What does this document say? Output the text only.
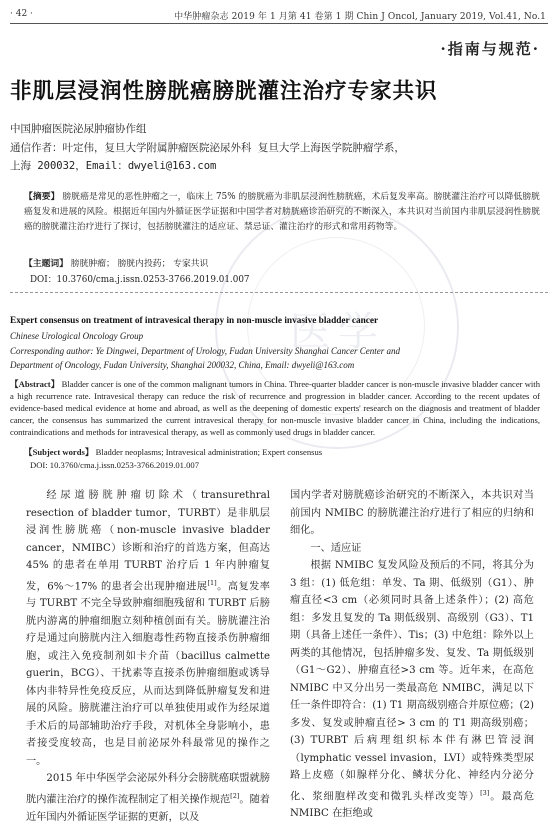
医学
· 42 ·	中华肿瘤杂志 2019 年 1 月第 41 卷第 1 期 Chin J Oncol, January 2019, Vol.41, No.1
·指南与规范·
非肌层浸润性膀胱癌膀胱灌注治疗专家共识
中国肿瘤医院泌尿肿瘤协作组
通信作者：叶定伟，复旦大学附属肿瘤医院泌尿外科 复旦大学上海医学院肿瘤学系，
上海 200032，Email：dwyeli@163.com
【摘要】 膀胱癌是常见的恶性肿瘤之一，临床上 75% 的膀胱癌为非肌层浸润性膀胱癌，术后复发率高。膀胱灌注治疗可以降低膀胱癌复发和进展的风险。根据近年国内外循证医学证据和中国学者对膀胱癌诊治研究的不断深入，本共识对当前国内非肌层浸润性膀胱癌的膀胱灌注治疗进行了探讨，包括膀胱灌注的适应证、禁忌证、灌注治疗的形式和常用药物等。
【主题词】 膀胱肿瘤； 膀胱内投药； 专家共识
DOI：10.3760/cma.j.issn.0253-3766.2019.01.007
Expert consensus on treatment of intravesical therapy in non-muscle invasive bladder cancer
Chinese Urological Oncology Group
Corresponding author: Ye Dingwei, Department of Urology, Fudan University Shanghai Cancer Center and
Department of Oncology, Fudan University, Shanghai 200032, China, Email: dwyeli@163.com
【Abstract】 Bladder cancer is one of the common malignant tumors in China. Three-quarter bladder cancer is non-muscle invasive bladder cancer with a high recurrence rate. Intravesical therapy can reduce the risk of recurrence and progression in bladder cancer. According to the recent updates of evidence-based medical evidence at home and abroad, as well as the deepening of domestic experts' research on the diagnosis and treatment of bladder cancer, the consensus has summarized the current intravesical therapy for non-muscle invasive bladder cancer in China, including the indications, contraindications and methods for intravesical therapy, as well as commonly used drugs in bladder cancer.
【Subject words】 Bladder neoplasms; Intravesical administration; Expert consensus
DOI: 10.3760/cma.j.issn.0253-3766.2019.01.007

经尿道膀胱肿瘤切除术（transurethral resection of bladder tumor，TURBT）是非肌层浸润性膀胱癌（non-muscle invasive bladder cancer，NMIBC）诊断和治疗的首选方案，但高达 45% 的患者在单用 TURBT 治疗后 1 年内肿瘤复发，6%～17% 的患者会出现肿瘤进展[1]。高复发率与 TURBT 不完全导致肿瘤细胞残留和 TURBT 后膀胱内游离的肿瘤细胞立刻种植创面有关。膀胱灌注治疗是通过向膀胱内注入细胞毒性药物直接杀伤肿瘤细胞，或注入免疫制剂如卡介苗（bacillus calmette guerin，BCG）、干扰素等直接杀伤肿瘤细胞或诱导体内非特异性免疫反应，从而达到降低肿瘤复发和进展的风险。膀胱灌注治疗可以单独使用或作为经尿道手术后的局部辅助治疗手段，对机体全身影响小，患者接受度较高，也是目前泌尿外科最常见的操作之一。

2015 年中华医学会泌尿外科分会膀胱癌联盟就膀胱内灌注治疗的操作流程制定了相关操作规范[2]。随着近年国内外循证医学证据的更新，以及

国内学者对膀胱癌诊治研究的不断深入，本共识对当前国内 NMIBC 的膀胱灌注治疗进行了相应的归纳和细化。

一、适应证

根据 NMIBC 复发风险及预后的不同，将其分为 3 组：(1) 低危组：单发、Ta 期、低级别（G1）、肿瘤直径<3 cm（必须同时具备上述条件）；(2) 高危组：多发且复发的 Ta 期低级别、高级别（G3）、T1 期（具备上述任一条件）、Tis；(3) 中危组：除外以上两类的其他情况，包括肿瘤多发、复发、Ta 期低级别（G1～G2）、肿瘤直径>3 cm 等。近年来，在高危 NMIBC 中又分出另一类最高危 NMIBC，满足以下任一条件即符合：(1) T1 期高级别癌合并原位癌；(2) 多发、复发或肿瘤直径> 3 cm 的 T1 期高级别癌；(3) TURBT 后病理组织标本伴有淋巴管浸润（lymphatic vessel invasion，LVI）或特殊类型尿路上皮癌（如腺样分化、鳞状分化、神经内分泌分化、浆细胞样改变和微乳头样改变等）[3]。最高危 NMIBC 在拒绝或
